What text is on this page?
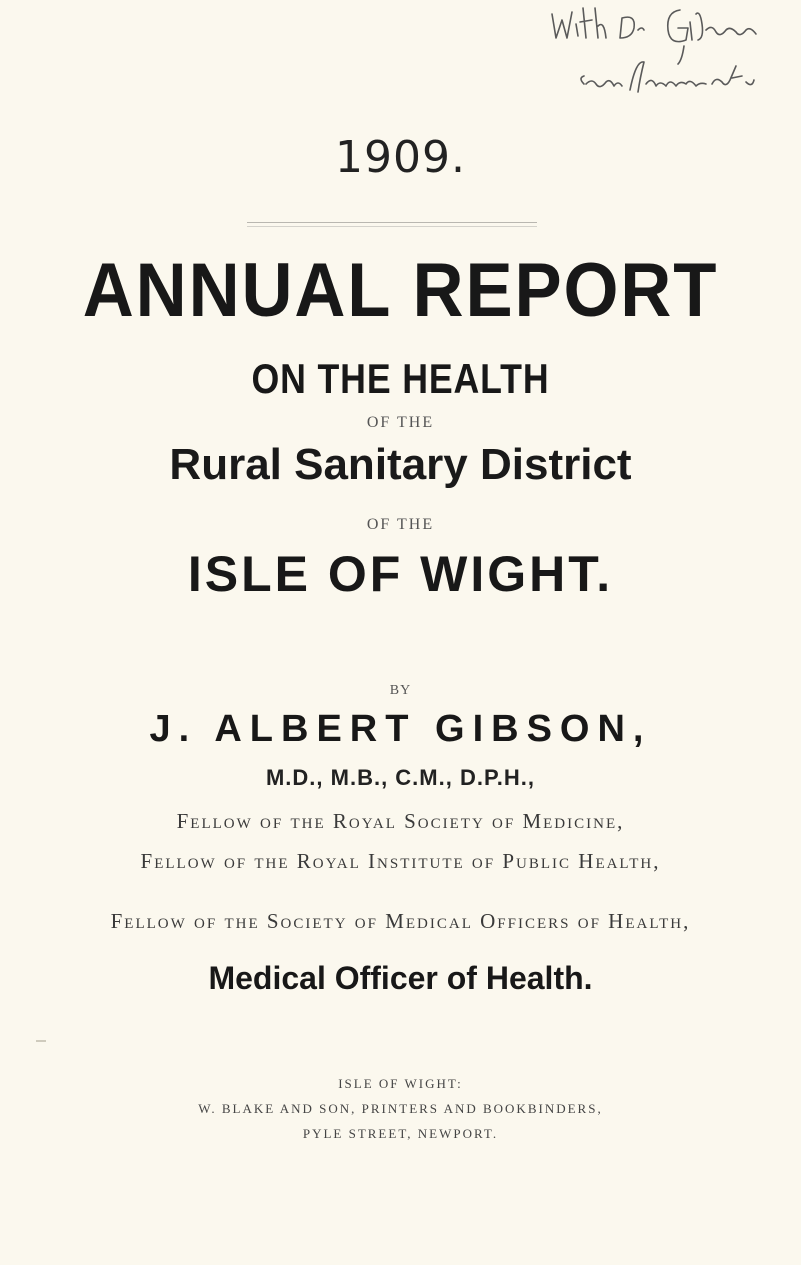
1909.
ANNUAL REPORT
ON THE HEALTH
OF THE
Rural Sanitary District
OF THE
ISLE OF WIGHT.
BY
J. ALBERT GIBSON,
M.D., M.B., C.M., D.P.H.,
Fellow of the Royal Society of Medicine,
Fellow of the Royal Institute of Public Health,
Fellow of the Society of Medical Officers of Health,
Medical Officer of Health.
ISLE OF WIGHT:
W. BLAKE AND SON, PRINTERS AND BOOKBINDERS,
PYLE STREET, NEWPORT.
